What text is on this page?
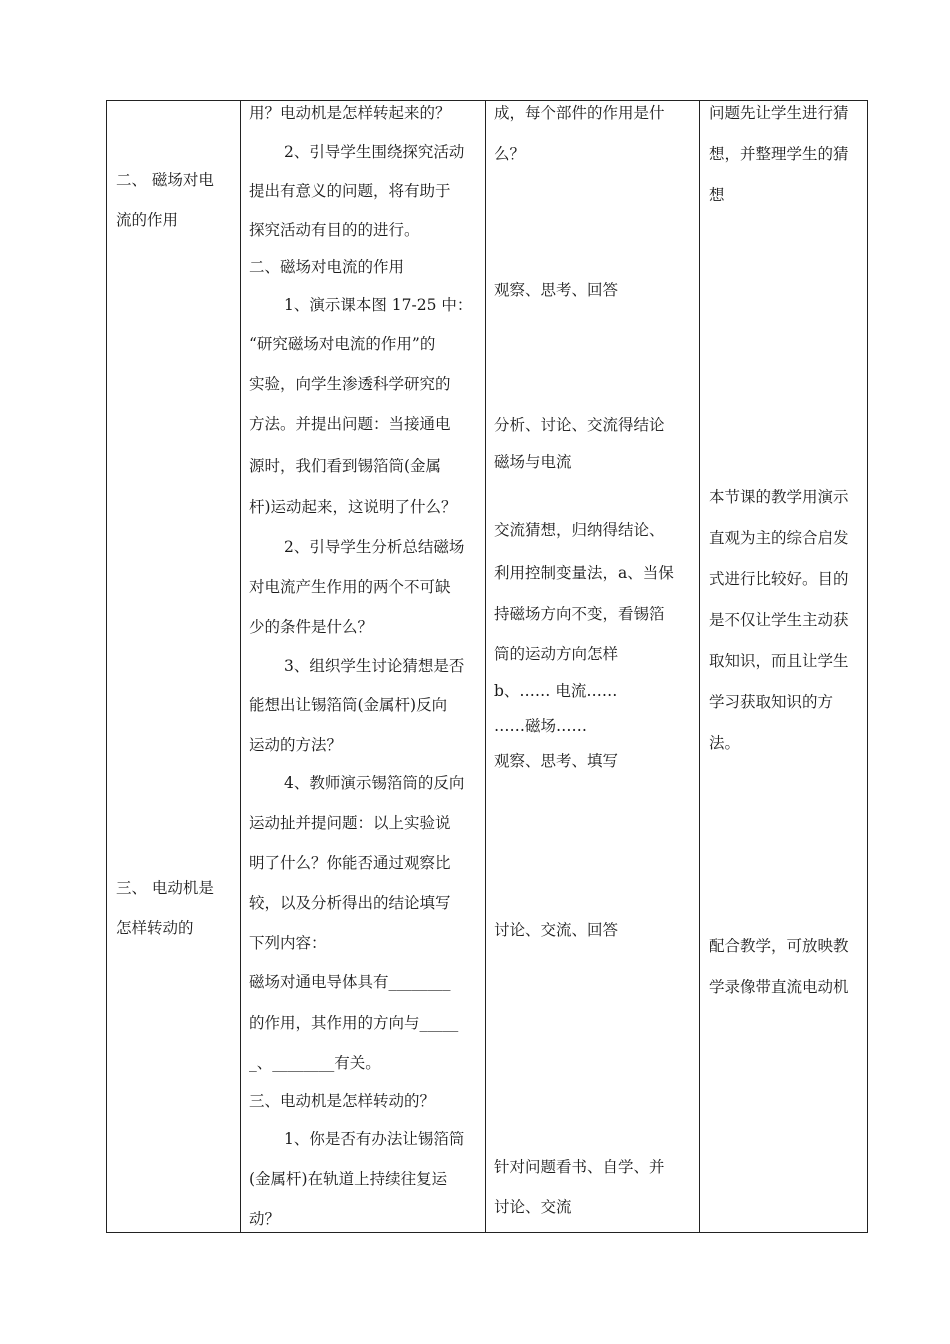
二、 磁场对电
流的作用
三、 电动机是
怎样转动的
用？电动机是怎样转起来的？
2、引导学生围绕探究活动
提出有意义的问题，将有助于
探究活动有目的的进行。
二、磁场对电流的作用
1、演示课本图 17-25 中：
“研究磁场对电流的作用”的
实验，向学生渗透科学研究的
方法。并提出问题：当接通电
源时，我们看到锡箔筒(金属
杆)运动起来，这说明了什么？
2、引导学生分析总结磁场
对电流产生作用的两个不可缺
少的条件是什么？
3、组织学生讨论猜想是否
能想出让锡箔筒(金属杆)反向
运动的方法？
4、教师演示锡箔筒的反向
运动扯并提问题：以上实验说
明了什么？你能否通过观察比
较，以及分析得出的结论填写
下列内容：
磁场对通电导体具有________
的作用，其作用的方向与_____
_、________有关。
三、电动机是怎样转动的？
1、你是否有办法让锡箔筒
(金属杆)在轨道上持续往复运
动？
成，每个部件的作用是什
么？
观察、思考、回答
分析、讨论、交流得结论
磁场与电流
交流猜想，归纳得结论、
利用控制变量法，a、当保
持磁场方向不变，看锡箔
筒的运动方向怎样
b、…… 电流……
……磁场……
观察、思考、填写
讨论、交流、回答
针对问题看书、自学、并
讨论、交流
问题先让学生进行猜
想，并整理学生的猜
想
本节课的教学用演示
直观为主的综合启发
式进行比较好。目的
是不仅让学生主动获
取知识，而且让学生
学习获取知识的方
法。
配合教学，可放映教
学录像带直流电动机
